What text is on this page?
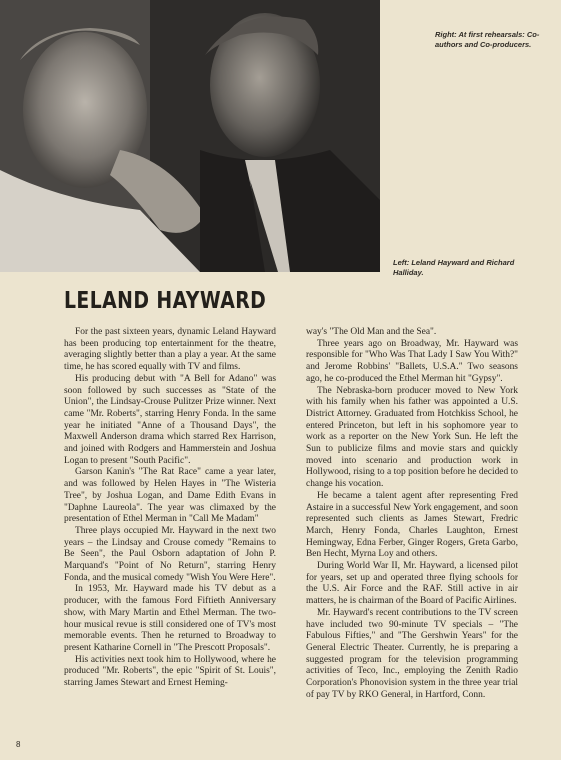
Right: At first rehearsals: Co-authors and Co-producers.
Left: Leland Hayward and Richard Halliday.
LELAND HAYWARD

For the past sixteen years, dynamic Leland Hayward has been producing top entertainment for the theatre, averaging slightly better than a play a year. At the same time, he has scored equally with TV and films.

His producing debut with "A Bell for Adano" was soon followed by such successes as "State of the Union", the Lindsay-Crouse Pulitzer Prize winner. Next came "Mr. Roberts", starring Henry Fonda. In the same year he initiated "Anne of a Thousand Days", the Maxwell Anderson drama which starred Rex Harrison, and joined with Rodgers and Hammerstein and Joshua Logan to present "South Pacific".

Garson Kanin's "The Rat Race" came a year later, and was followed by Helen Hayes in "The Wisteria Tree", by Joshua Logan, and Dame Edith Evans in "Daphne Laureola". The year was climaxed by the presentation of Ethel Merman in "Call Me Madam"

Three plays occupied Mr. Hayward in the next two years – the Lindsay and Crouse comedy "Remains to Be Seen", the Paul Osborn adaptation of John P. Marquand's "Point of No Return", starring Henry Fonda, and the musical comedy "Wish You Were Here".

In 1953, Mr. Hayward made his TV debut as a producer, with the famous Ford Fiftieth Anniversary show, with Mary Martin and Ethel Merman. The two-hour musical revue is still considered one of TV's most memorable events. Then he returned to Broadway to present Katharine Cornell in "The Prescott Proposals".

His activities next took him to Hollywood, where he produced "Mr. Roberts", the epic "Spirit of St. Louis", starring James Stewart and Ernest Heming-

way's "The Old Man and the Sea".

Three years ago on Broadway, Mr. Hayward was responsible for "Who Was That Lady I Saw You With?" and Jerome Robbins' "Ballets, U.S.A." Two seasons ago, he co-produced the Ethel Merman hit "Gypsy".

The Nebraska-born producer moved to New York with his family when his father was appointed a U.S. District Attorney. Graduated from Hotchkiss School, he entered Princeton, but left in his sophomore year to work as a reporter on the New York Sun. He left the Sun to publicize films and movie stars and quickly moved into scenario and production work in Hollywood, rising to a top position before he decided to change his vocation.

He became a talent agent after representing Fred Astaire in a successful New York engagement, and soon represented such clients as James Stewart, Fredric March, Henry Fonda, Charles Laughton, Ernest Hemingway, Edna Ferber, Ginger Rogers, Greta Garbo, Ben Hecht, Myrna Loy and others.

During World War II, Mr. Hayward, a licensed pilot for years, set up and operated three flying schools for the U.S. Air Force and the RAF. Still active in air matters, he is chairman of the Board of Pacific Airlines.

Mr. Hayward's recent contributions to the TV screen have included two 90-minute TV specials – "The Fabulous Fifties," and "The Gershwin Years" for the General Electric Theater. Currently, he is preparing a suggested program for the television programming activities of Teco, Inc., employing the Zenith Radio Corporation's Phonovision system in the three year trial of pay TV by RKO General, in Hartford, Conn.

8
